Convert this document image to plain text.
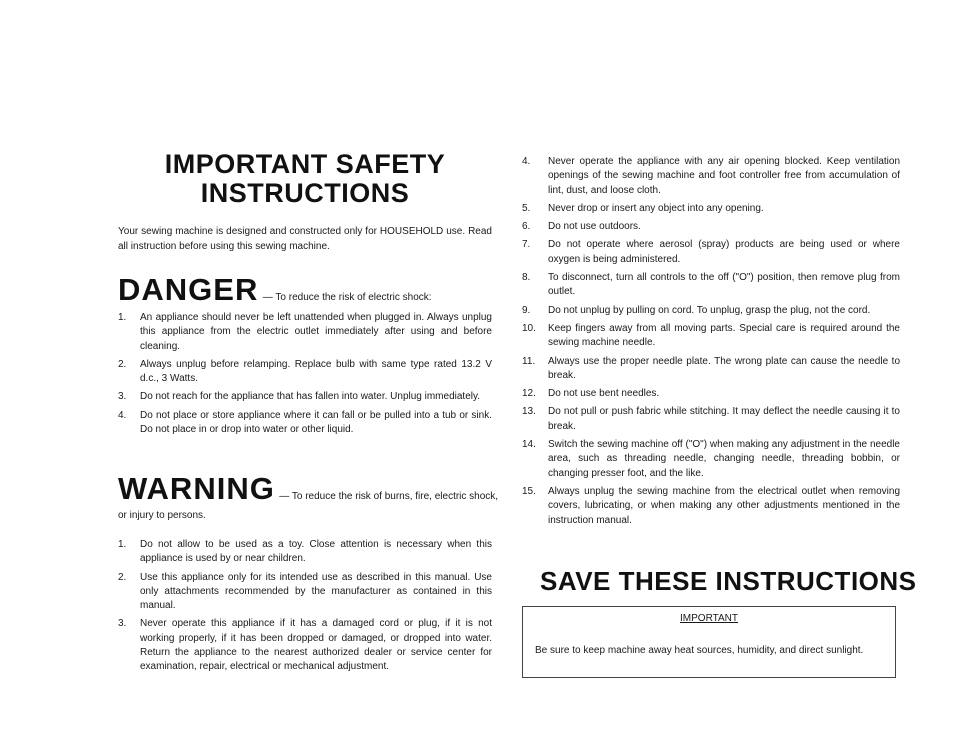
IMPORTANT SAFETY
INSTRUCTIONS
Your sewing machine is designed and constructed only for HOUSEHOLD use. Read all instruction before using this sewing machine.
DANGER — To reduce the risk of electric shock:
1. An appliance should never be left unattended when plugged in. Always unplug this appliance from the electric outlet immediately after using and before cleaning.
2. Always unplug before relamping. Replace bulb with same type rated 13.2 V d.c., 3 Watts.
3. Do not reach for the appliance that has fallen into water. Unplug immediately.
4. Do not place or store appliance where it can fall or be pulled into a tub or sink. Do not place in or drop into water or other liquid.
WARNING — To reduce the risk of burns, fire, electric shock,
or injury to persons.
1. Do not allow to be used as a toy. Close attention is necessary when this appliance is used by or near children.
2. Use this appliance only for its intended use as described in this manual. Use only attachments recommended by the manufacturer as contained in this manual.
3. Never operate this appliance if it has a damaged cord or plug, if it is not working properly, if it has been dropped or damaged, or dropped into water. Return the appliance to the nearest authorized dealer or service center for examination, repair, electrical or mechanical adjustment.
4. Never operate the appliance with any air opening blocked. Keep ventilation openings of the sewing machine and foot controller free from accumulation of lint, dust, and loose cloth.
5. Never drop or insert any object into any opening.
6. Do not use outdoors.
7. Do not operate where aerosol (spray) products are being used or where oxygen is being administered.
8. To disconnect, turn all controls to the off ("O") position, then remove plug from outlet.
9. Do not unplug by pulling on cord. To unplug, grasp the plug, not the cord.
10. Keep fingers away from all moving parts. Special care is required around the sewing machine needle.
11. Always use the proper needle plate. The wrong plate can cause the needle to break.
12. Do not use bent needles.
13. Do not pull or push fabric while stitching. It may deflect the needle causing it to break.
14. Switch the sewing machine off ("O") when making any adjustment in the needle area, such as threading needle, changing needle, threading bobbin, or changing presser foot, and the like.
15. Always unplug the sewing machine from the electrical outlet when removing covers, lubricating, or when making any other adjustments mentioned in the instruction manual.
SAVE THESE INSTRUCTIONS
IMPORTANT
Be sure to keep machine away heat sources, humidity, and direct sunlight.
